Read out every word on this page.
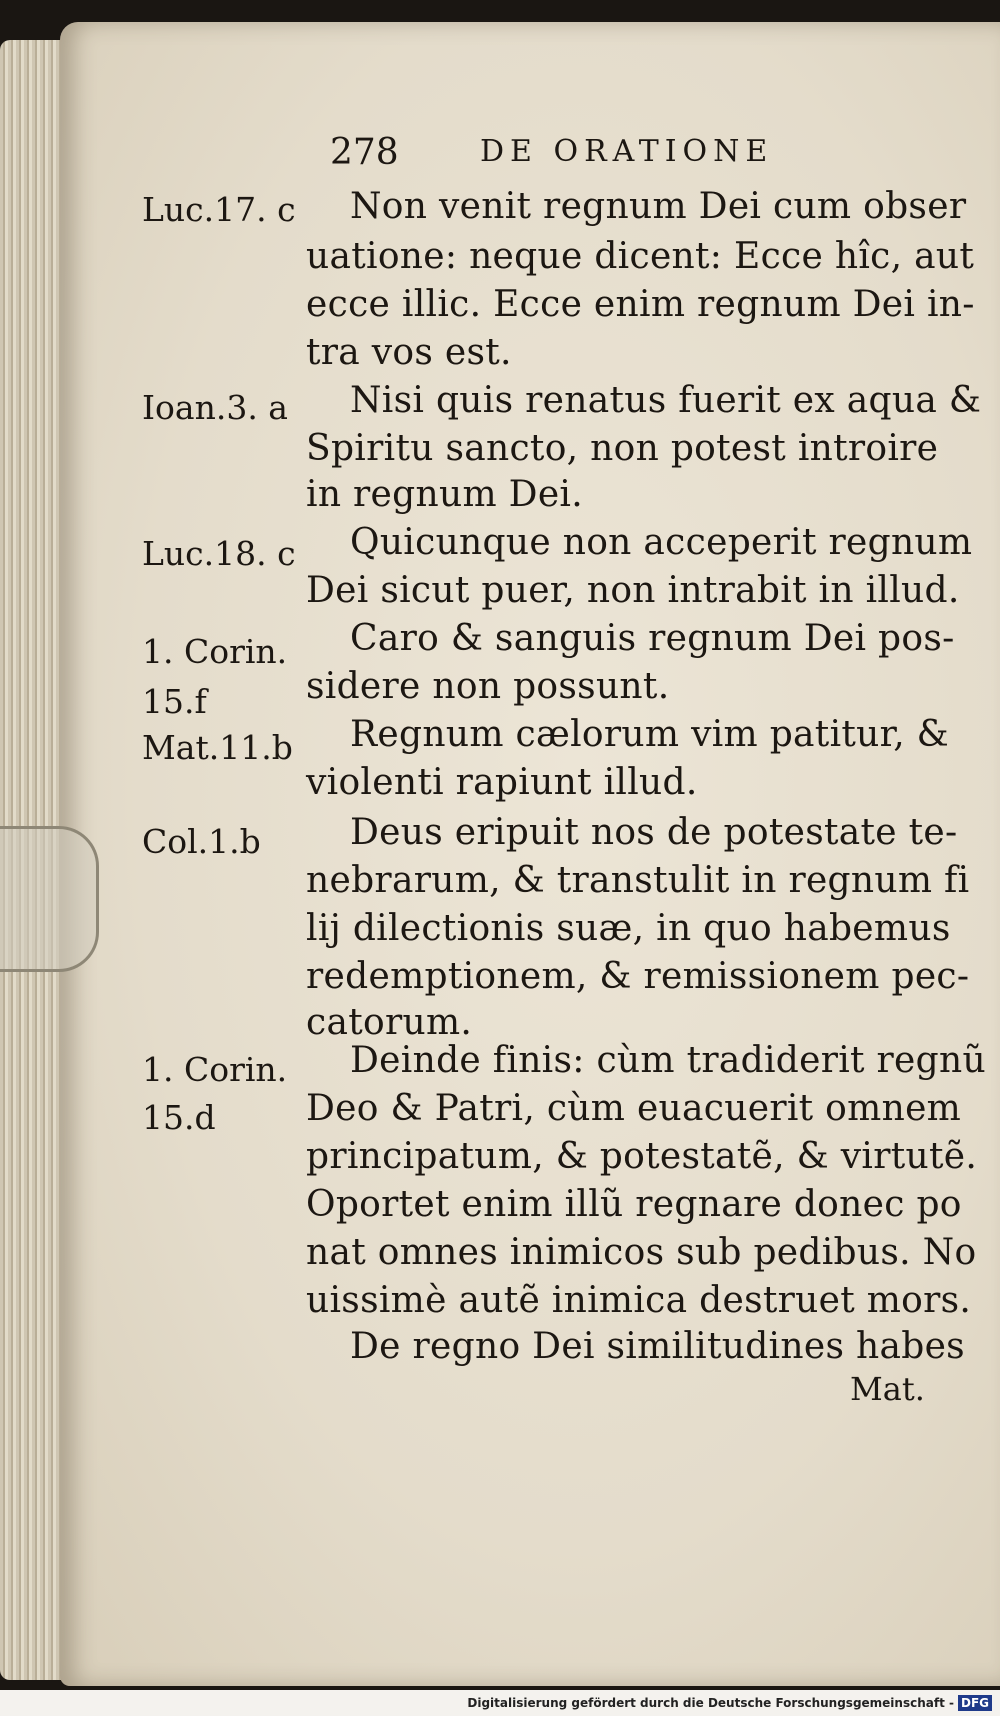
278	DE ORATIONE
Luc.17. c
Ioan.3. a
Luc.18. c
1. Corin.
15.f
Mat.11.b
Col.1.b
1. Corin.
15.d
Non venit regnum Dei cum obser
uatione: neque dicent: Ecce hîc, aut
ecce illic. Ecce enim regnum Dei in-
tra vos est.
Nisi quis renatus fuerit ex aqua &
Spiritu sancto, non potest introire
in regnum Dei.
Quicunque non acceperit regnum
Dei sicut puer, non intrabit in illud.
Caro & sanguis regnum Dei pos-
sidere non possunt.
Regnum cælorum vim patitur, &
violenti rapiunt illud.
Deus eripuit nos de potestate te-
nebrarum, & transtulit in regnum fi
lij dilectionis suæ, in quo habemus
redemptionem, & remissionem pec-
catorum.
Deinde finis: cùm tradiderit regnũ
Deo & Patri, cùm euacuerit omnem
principatum, & potestatẽ, & virtutẽ.
Oportet enim illũ regnare donec po
nat omnes inimicos sub pedibus. No
uissimè autẽ inimica destruet mors.
De regno Dei similitudines habes
Mat.
Digitalisierung gefördert durch die Deutsche Forschungsgemeinschaft - DFG
